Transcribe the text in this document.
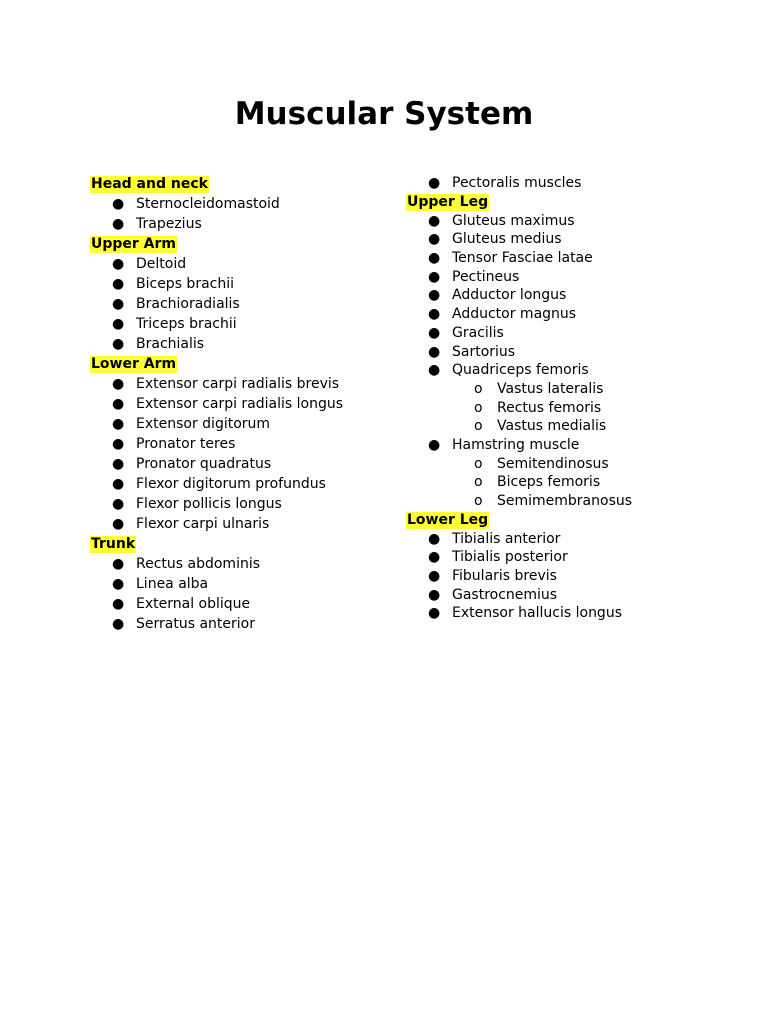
Muscular System
Head and neck
● Sternocleidomastoid
● Trapezius
Upper Arm
● Deltoid
● Biceps brachii
● Brachioradialis
● Triceps brachii
● Brachialis
Lower Arm
● Extensor carpi radialis brevis
● Extensor carpi radialis longus
● Extensor digitorum
● Pronator teres
● Pronator quadratus
● Flexor digitorum profundus
● Flexor pollicis longus
● Flexor carpi ulnaris
Trunk
● Rectus abdominis
● Linea alba
● External oblique
● Serratus anterior
● Pectoralis muscles
Upper Leg
● Gluteus maximus
● Gluteus medius
● Tensor Fasciae latae
● Pectineus
● Adductor longus
● Adductor magnus
● Gracilis
● Sartorius
● Quadriceps femoris
o Vastus lateralis
o Rectus femoris
o Vastus medialis
● Hamstring muscle
o Semitendinosus
o Biceps femoris
o Semimembranosus
Lower Leg
● Tibialis anterior
● Tibialis posterior
● Fibularis brevis
● Gastrocnemius
● Extensor hallucis longus
